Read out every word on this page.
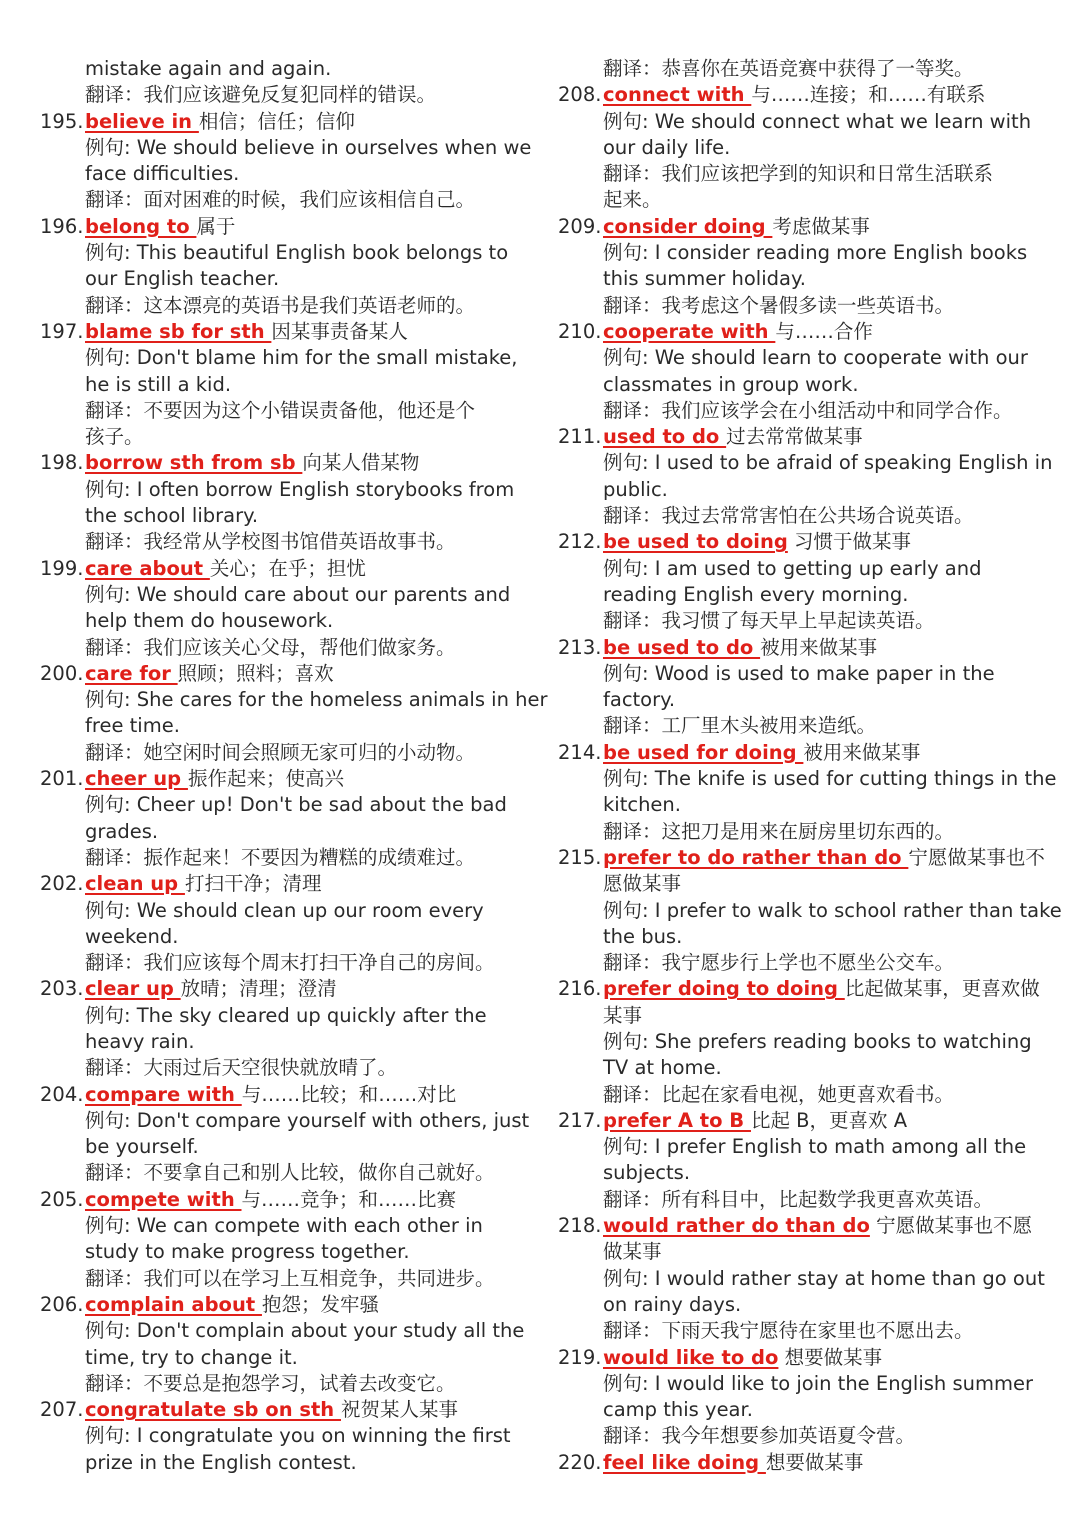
mistake again and again.
翻译：我们应该避免反复犯同样的错误。
195.believe in 相信；信任；信仰
例句: We should believe in ourselves when we
face difficulties.
翻译：面对困难的时候，我们应该相信自己。
196.belong to 属于
例句: This beautiful English book belongs to
our English teacher.
翻译：这本漂亮的英语书是我们英语老师的。
197.blame sb for sth 因某事责备某人
例句: Don't blame him for the small mistake,
he is still a kid.
翻译：不要因为这个小错误责备他，他还是个
孩子。
198.borrow sth from sb 向某人借某物
例句: I often borrow English storybooks from
the school library.
翻译：我经常从学校图书馆借英语故事书。
199.care about 关心；在乎；担忧
例句: We should care about our parents and
help them do housework.
翻译：我们应该关心父母，帮他们做家务。
200.care for 照顾；照料；喜欢
例句: She cares for the homeless animals in her
free time.
翻译：她空闲时间会照顾无家可归的小动物。
201.cheer up 振作起来；使高兴
例句: Cheer up! Don't be sad about the bad
grades.
翻译：振作起来！不要因为糟糕的成绩难过。
202.clean up 打扫干净；清理
例句: We should clean up our room every
weekend.
翻译：我们应该每个周末打扫干净自己的房间。
203.clear up 放晴；清理；澄清
例句: The sky cleared up quickly after the
heavy rain.
翻译：大雨过后天空很快就放晴了。
204.compare with 与……比较；和……对比
例句: Don't compare yourself with others, just
be yourself.
翻译：不要拿自己和别人比较，做你自己就好。
205.compete with 与……竞争；和……比赛
例句: We can compete with each other in
study to make progress together.
翻译：我们可以在学习上互相竞争，共同进步。
206.complain about 抱怨；发牢骚
例句: Don't complain about your study all the
time, try to change it.
翻译：不要总是抱怨学习，试着去改变它。
207.congratulate sb on sth 祝贺某人某事
例句: I congratulate you on winning the first
prize in the English contest.
翻译：恭喜你在英语竞赛中获得了一等奖。
208.connect with 与……连接；和……有联系
例句: We should connect what we learn with
our daily life.
翻译：我们应该把学到的知识和日常生活联系
起来。
209.consider doing 考虑做某事
例句: I consider reading more English books
this summer holiday.
翻译：我考虑这个暑假多读一些英语书。
210.cooperate with 与……合作
例句: We should learn to cooperate with our
classmates in group work.
翻译：我们应该学会在小组活动中和同学合作。
211.used to do 过去常常做某事
例句: I used to be afraid of speaking English in
public.
翻译：我过去常常害怕在公共场合说英语。
212.be used to doing 习惯于做某事
例句: I am used to getting up early and
reading English every morning.
翻译：我习惯了每天早上早起读英语。
213.be used to do 被用来做某事
例句: Wood is used to make paper in the
factory.
翻译：工厂里木头被用来造纸。
214.be used for doing 被用来做某事
例句: The knife is used for cutting things in the
kitchen.
翻译：这把刀是用来在厨房里切东西的。
215.prefer to do rather than do 宁愿做某事也不
愿做某事
例句: I prefer to walk to school rather than take
the bus.
翻译：我宁愿步行上学也不愿坐公交车。
216.prefer doing to doing 比起做某事，更喜欢做
某事
例句: She prefers reading books to watching
TV at home.
翻译：比起在家看电视，她更喜欢看书。
217.prefer A to B 比起 B，更喜欢 A
例句: I prefer English to math among all the
subjects.
翻译：所有科目中，比起数学我更喜欢英语。
218.would rather do than do 宁愿做某事也不愿
做某事
例句: I would rather stay at home than go out
on rainy days.
翻译：下雨天我宁愿待在家里也不愿出去。
219.would like to do 想要做某事
例句: I would like to join the English summer
camp this year.
翻译：我今年想要参加英语夏令营。
220.feel like doing 想要做某事
